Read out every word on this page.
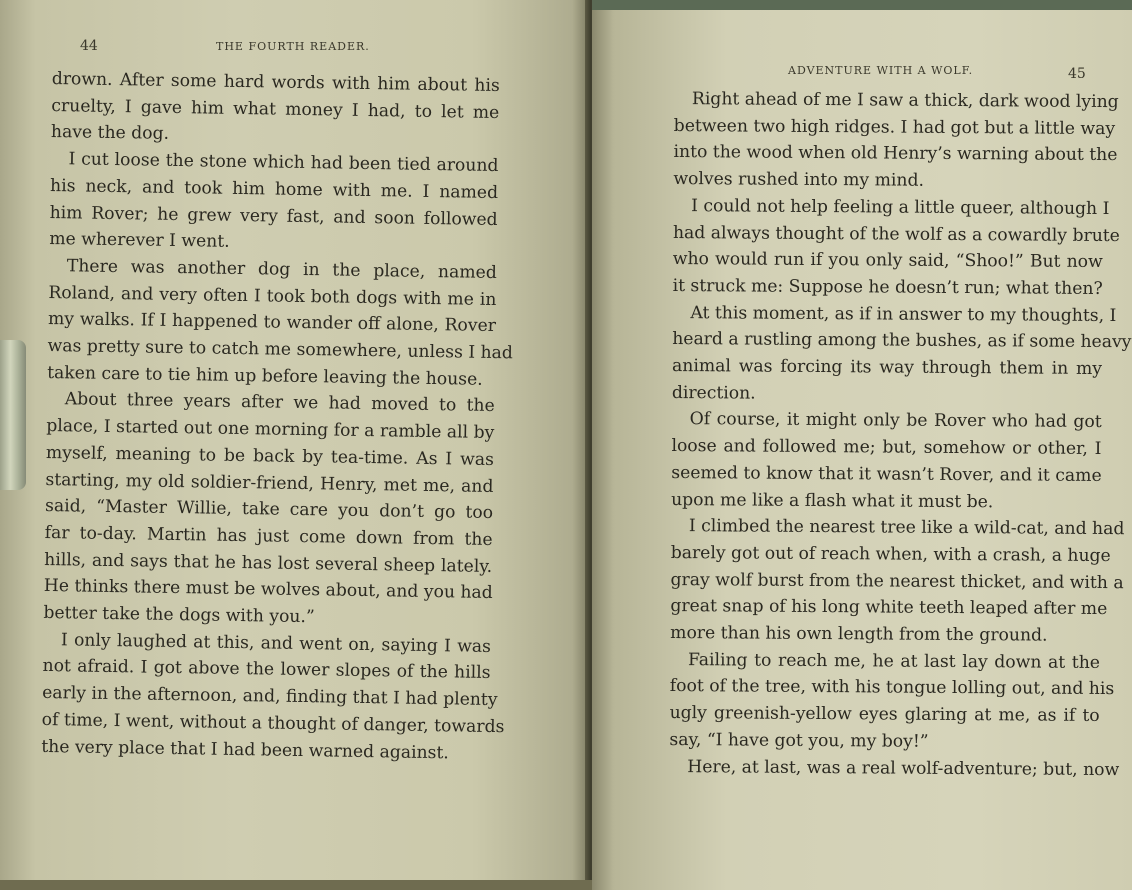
44	THE FOURTH READER.
drown. After some hard words with him about his
cruelty, I gave him what money I had, to let me
have the dog.
I cut loose the stone which had been tied around
his neck, and took him home with me. I named
him Rover; he grew very fast, and soon followed
me wherever I went.
There was another dog in the place, named
Roland, and very often I took both dogs with me in
my walks. If I happened to wander off alone, Rover
was pretty sure to catch me somewhere, unless I had
taken care to tie him up before leaving the house.
About three years after we had moved to the
place, I started out one morning for a ramble all by
myself, meaning to be back by tea-time. As I was
starting, my old soldier-friend, Henry, met me, and
said, “Master Willie, take care you don’t go too
far to-day. Martin has just come down from the
hills, and says that he has lost several sheep lately.
He thinks there must be wolves about, and you had
better take the dogs with you.”
I only laughed at this, and went on, saying I was
not afraid. I got above the lower slopes of the hills
early in the afternoon, and, finding that I had plenty
of time, I went, without a thought of danger, towards
the very place that I had been warned against.
ADVENTURE WITH A WOLF.	45
Right ahead of me I saw a thick, dark wood lying
between two high ridges. I had got but a little way
into the wood when old Henry’s warning about the
wolves rushed into my mind.
I could not help feeling a little queer, although I
had always thought of the wolf as a cowardly brute
who would run if you only said, “Shoo!” But now
it struck me: Suppose he doesn’t run; what then?
At this moment, as if in answer to my thoughts, I
heard a rustling among the bushes, as if some heavy
animal was forcing its way through them in my
direction.
Of course, it might only be Rover who had got
loose and followed me; but, somehow or other, I
seemed to know that it wasn’t Rover, and it came
upon me like a flash what it must be.
I climbed the nearest tree like a wild-cat, and had
barely got out of reach when, with a crash, a huge
gray wolf burst from the nearest thicket, and with a
great snap of his long white teeth leaped after me
more than his own length from the ground.
Failing to reach me, he at last lay down at the
foot of the tree, with his tongue lolling out, and his
ugly greenish-yellow eyes glaring at me, as if to
say, “I have got you, my boy!”
Here, at last, was a real wolf-adventure; but, now
